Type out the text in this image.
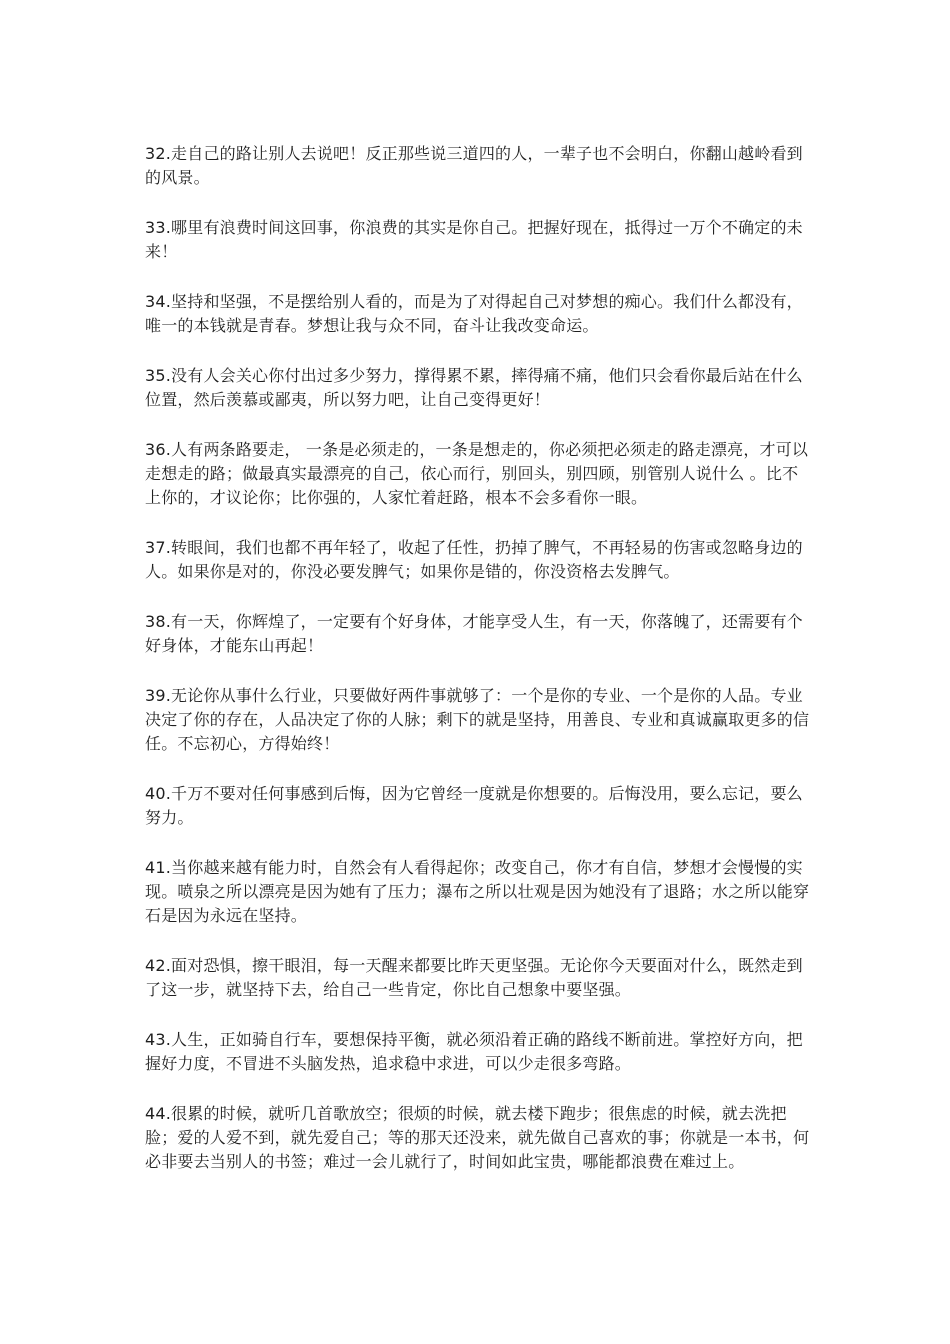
32.走自己的路让别人去说吧！反正那些说三道四的人，一辈子也不会明白，你翻山越岭看到的风景。

33.哪里有浪费时间这回事，你浪费的其实是你自己。把握好现在，抵得过一万个不确定的未来！

34.坚持和坚强，不是摆给别人看的，而是为了对得起自己对梦想的痴心。我们什么都没有，唯一的本钱就是青春。梦想让我与众不同，奋斗让我改变命运。

35.没有人会关心你付出过多少努力，撑得累不累，摔得痛不痛，他们只会看你最后站在什么位置，然后羡慕或鄙夷，所以努力吧，让自己变得更好！

36.人有两条路要走， 一条是必须走的，一条是想走的，你必须把必须走的路走漂亮，才可以走想走的路；做最真实最漂亮的自己，依心而行，别回头，别四顾，别管别人说什么 。比不上你的，才议论你；比你强的，人家忙着赶路，根本不会多看你一眼。

37.转眼间，我们也都不再年轻了，收起了任性，扔掉了脾气，不再轻易的伤害或忽略身边的人。如果你是对的，你没必要发脾气；如果你是错的，你没资格去发脾气。

38.有一天，你辉煌了，一定要有个好身体，才能享受人生，有一天，你落魄了，还需要有个好身体，才能东山再起！

39.无论你从事什么行业，只要做好两件事就够了：一个是你的专业、一个是你的人品。专业决定了你的存在，人品决定了你的人脉；剩下的就是坚持，用善良、专业和真诚赢取更多的信任。不忘初心，方得始终！

40.千万不要对任何事感到后悔，因为它曾经一度就是你想要的。后悔没用，要么忘记，要么努力。

41.当你越来越有能力时，自然会有人看得起你；改变自己，你才有自信，梦想才会慢慢的实现。喷泉之所以漂亮是因为她有了压力；瀑布之所以壮观是因为她没有了退路；水之所以能穿石是因为永远在坚持。

42.面对恐惧，擦干眼泪，每一天醒来都要比昨天更坚强。无论你今天要面对什么，既然走到了这一步，就坚持下去，给自己一些肯定，你比自己想象中要坚强。

43.人生，正如骑自行车，要想保持平衡，就必须沿着正确的路线不断前进。掌控好方向，把握好力度，不冒进不头脑发热，追求稳中求进，可以少走很多弯路。

44.很累的时候，就听几首歌放空；很烦的时候，就去楼下跑步；很焦虑的时候，就去洗把脸；爱的人爱不到，就先爱自己；等的那天还没来，就先做自己喜欢的事；你就是一本书，何必非要去当别人的书签；难过一会儿就行了，时间如此宝贵，哪能都浪费在难过上。
